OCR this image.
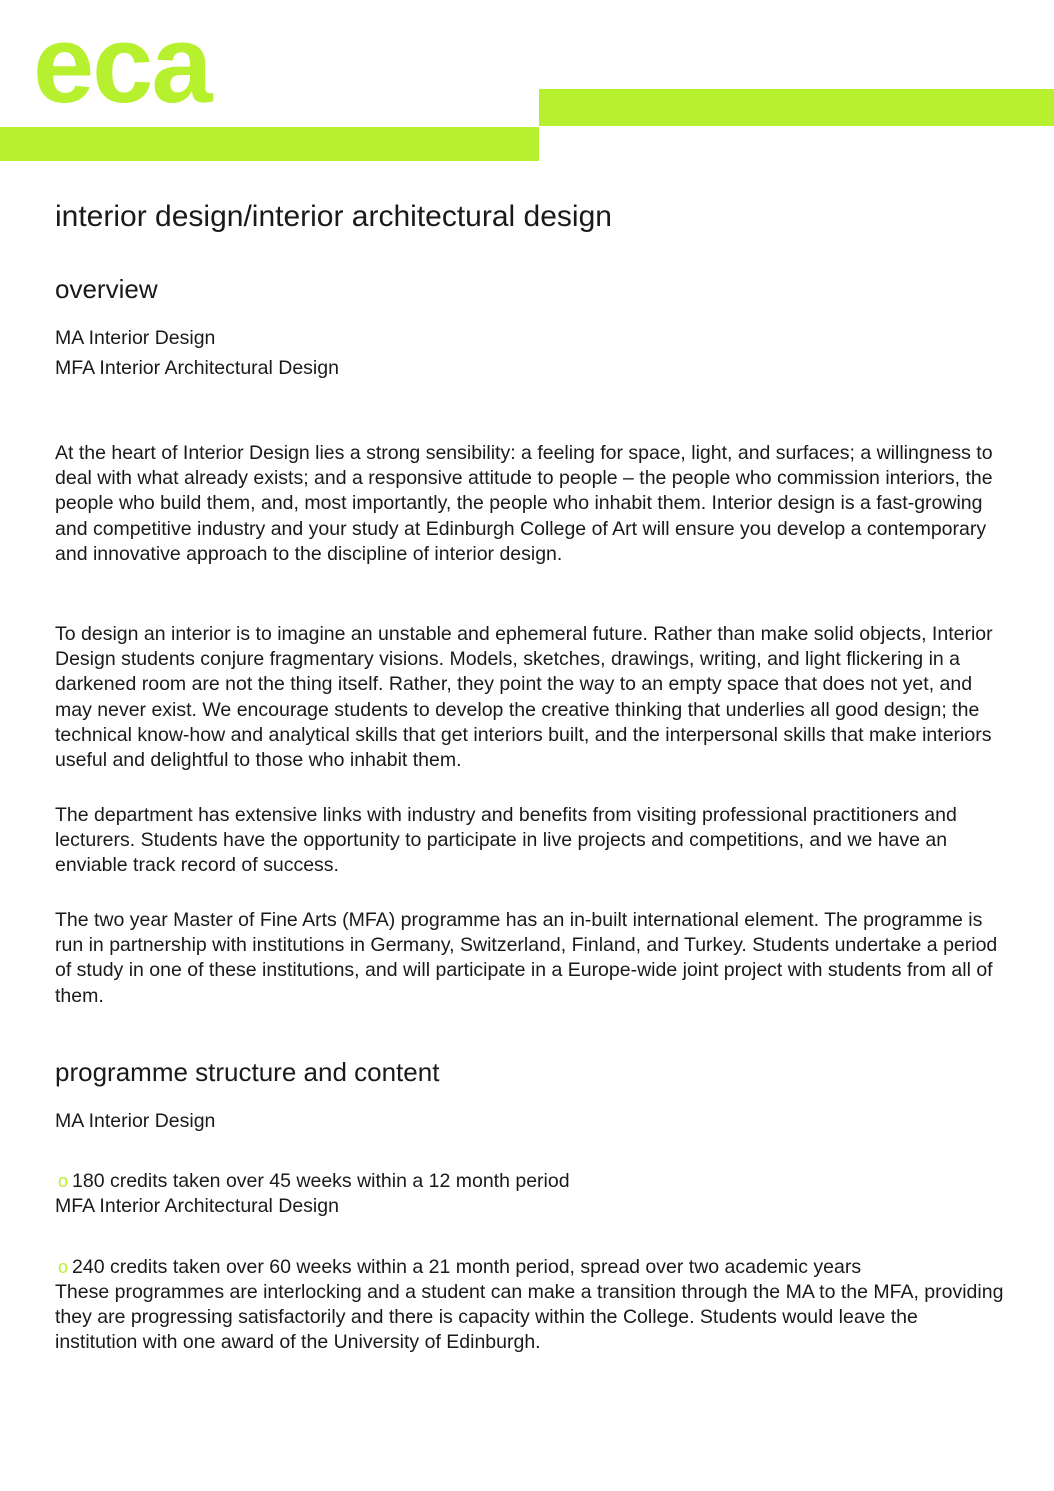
eca
interior design/interior architectural design
overview

MA Interior Design

MFA Interior Architectural Design

At the heart of Interior Design lies a strong sensibility: a feeling for space, light, and surfaces; a willingness to deal with what already exists; and a responsive attitude to people – the people who commission interiors, the people who build them, and, most importantly, the people who inhabit them. Interior design is a fast-growing and competitive industry and your study at Edinburgh College of Art will ensure you develop a contemporary and innovative approach to the discipline of interior design.

To design an interior is to imagine an unstable and ephemeral future. Rather than make solid objects, Interior Design students conjure fragmentary visions. Models, sketches, drawings, writing, and light flickering in a darkened room are not the thing itself. Rather, they point the way to an empty space that does not yet, and may never exist. We encourage students to develop the creative thinking that underlies all good design; the technical know-how and analytical skills that get interiors built, and the interpersonal skills that make interiors useful and delightful to those who inhabit them.

The department has extensive links with industry and benefits from visiting professional practitioners and lecturers. Students have the opportunity to participate in live projects and competitions, and we have an enviable track record of success.

The two year Master of Fine Arts (MFA) programme has an in-built international element. The programme is run in partnership with institutions in Germany, Switzerland, Finland, and Turkey. Students undertake a period of study in one of these institutions, and will participate in a Europe-wide joint project with students from all of them.

programme structure and content

MA Interior Design

o 180 credits taken over 45 weeks within a 12 month period

MFA Interior Architectural Design

o 240 credits taken over 60 weeks within a 21 month period, spread over two academic years

These programmes are interlocking and a student can make a transition through the MA to the MFA, providing they are progressing satisfactorily and there is capacity within the College. Students would leave the institution with one award of the University of Edinburgh.
